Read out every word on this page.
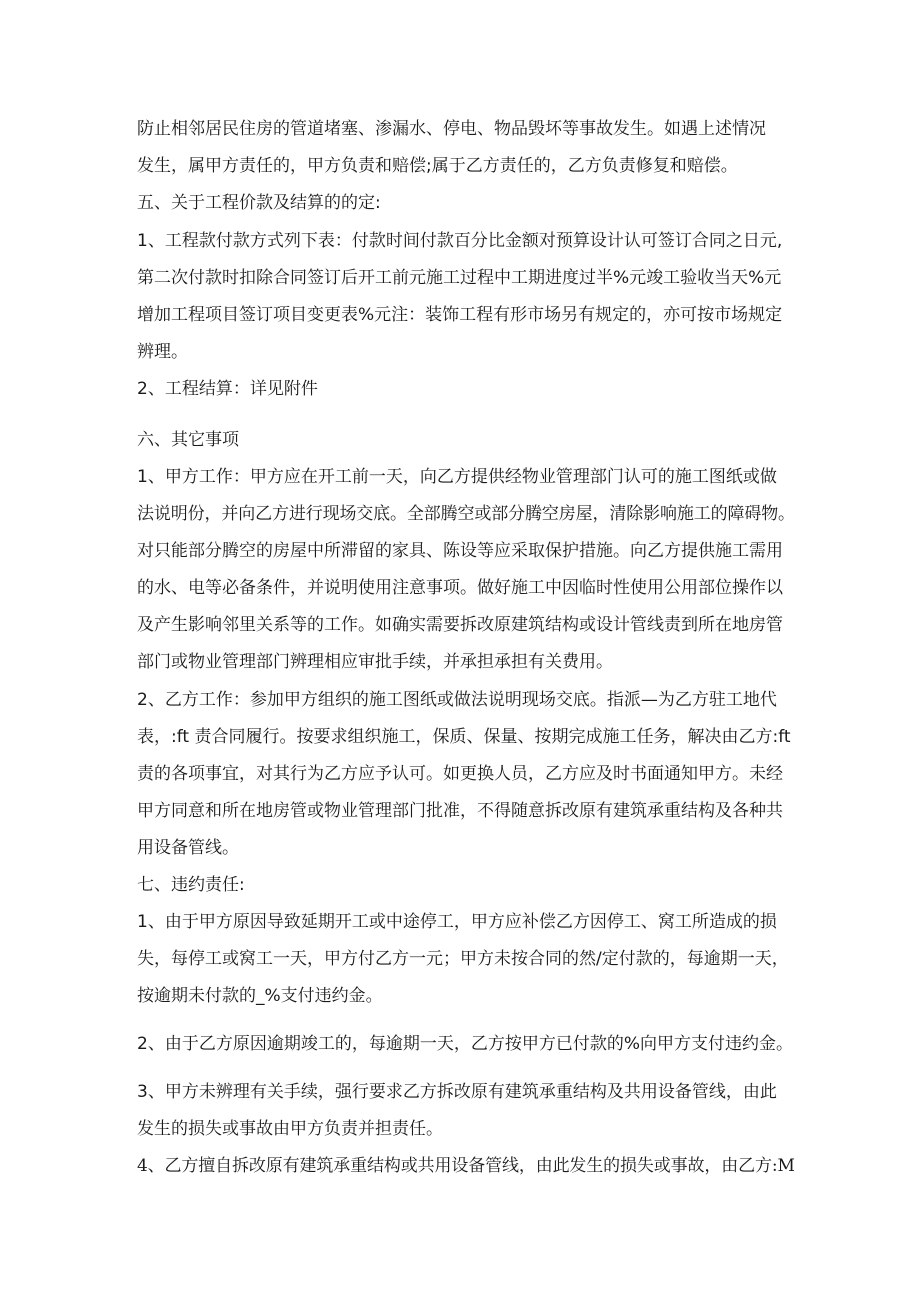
防止相邻居民住房的管道堵塞、渗漏水、停电、物品毁坏等事故发生。如遇上述情况
发生，属甲方责任的，甲方负责和赔偿;属于乙方责任的，乙方负责修复和赔偿。
五、关于工程价款及结算的的定:
1、工程款付款方式列下表：付款时间付款百分比金额对预算设计认可签订合同之日元,
第二次付款时扣除合同签订后开工前元施工过程中工期进度过半%元竣工验收当天%元
增加工程项目签订项目变更表%元注：装饰工程有形市场另有规定的，亦可按市场规定
辨理。
2、工程结算：详见附件
六、其它事项
1、甲方工作：甲方应在开工前一天，向乙方提供经物业管理部门认可的施工图纸或做
法说明份，并向乙方进行现场交底。全部腾空或部分腾空房屋，清除影响施工的障碍物。
对只能部分腾空的房屋中所滞留的家具、陈设等应采取保护措施。向乙方提供施工需用
的水、电等必备条件，并说明使用注意事项。做好施工中因临时性使用公用部位操作以
及产生影响邻里关系等的工作。如确实需要拆改原建筑结构或设计管线责到所在地房管
部门或物业管理部门辨理相应审批手续，并承担承担有关费用。
2、乙方工作：参加甲方组织的施工图纸或做法说明现场交底。指派—为乙方驻工地代
表，:ft 责合同履行。按要求组织施工，保质、保量、按期完成施工任务，解决由乙方:ft
责的各项事宜，对其行为乙方应予认可。如更换人员，乙方应及时书面通知甲方。未经
甲方同意和所在地房管或物业管理部门批准，不得随意拆改原有建筑承重结构及各种共
用设备管线。
七、违约责任:
1、由于甲方原因导致延期开工或中途停工，甲方应补偿乙方因停工、窝工所造成的损
失，每停工或窝工一天，甲方付乙方一元；甲方未按合同的然/定付款的，每逾期一天，
按逾期未付款的_%支付违约金。
2、由于乙方原因逾期竣工的，每逾期一天，乙方按甲方已付款的%向甲方支付违约金。
3、甲方未辨理有关手续，强行要求乙方拆改原有建筑承重结构及共用设备管线，由此
发生的损失或事故由甲方负责并担责任。
4、乙方擅自拆改原有建筑承重结构或共用设备管线，由此发生的损失或事故，由乙方:M
